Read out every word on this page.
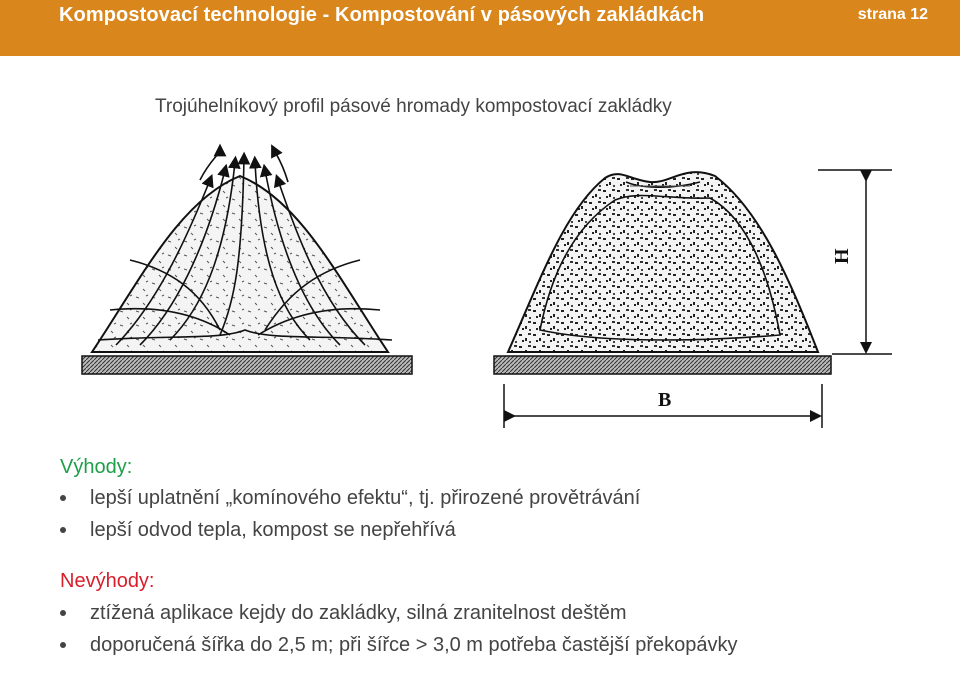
Kompostovací technologie - Kompostování v pásových zakládkách	strana 12
Trojúhelníkový profil pásové hromady kompostovací zakládky
H
B
Výhody:
lepší uplatnění „komínového efektu“, tj. přirozené provětrávání
lepší odvod tepla, kompost se nepřehřívá
Nevýhody:
ztížená aplikace kejdy do zakládky, silná zranitelnost deštěm
doporučená šířka do 2,5 m; při šířce > 3,0 m potřeba častější překopávky
